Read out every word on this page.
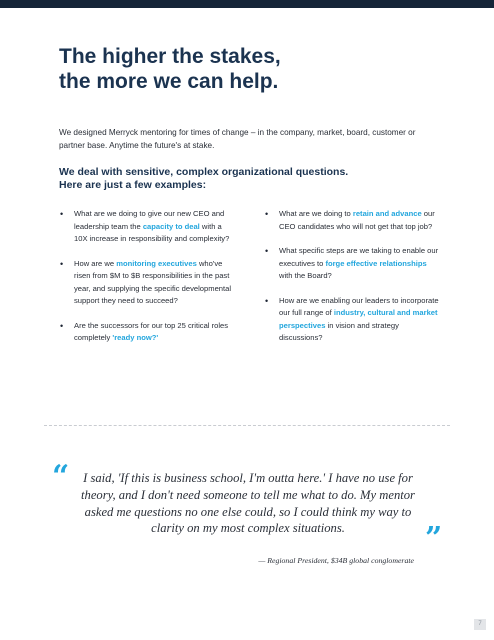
The higher the stakes,
the more we can help.

We designed Merryck mentoring for times of change – in the company, market, board, customer or partner base. Anytime the future's at stake.

We deal with sensitive, complex organizational questions.
Here are just a few examples:
• What are we doing to give our new CEO and leadership team the capacity to deal with a 10X increase in responsibility and complexity?
• How are we monitoring executives who've risen from $M to $B responsibilities in the past year, and supplying the specific developmental support they need to succeed?
• Are the successors for our top 25 critical roles completely 'ready now?'
• What are we doing to retain and advance our CEO candidates who will not get that top job?
• What specific steps are we taking to enable our executives to forge effective relationships with the Board?
• How are we enabling our leaders to incorporate our full range of industry, cultural and market perspectives in vision and strategy discussions?
“	I said, 'If this is business school, I'm outta here.' I have no use for
theory, and I don't need someone to tell me what to do. My mentor
asked me questions no one else could, so I could think my way to
clarity on my most complex situations.	”

— Regional President, $34B global conglomerate

7
